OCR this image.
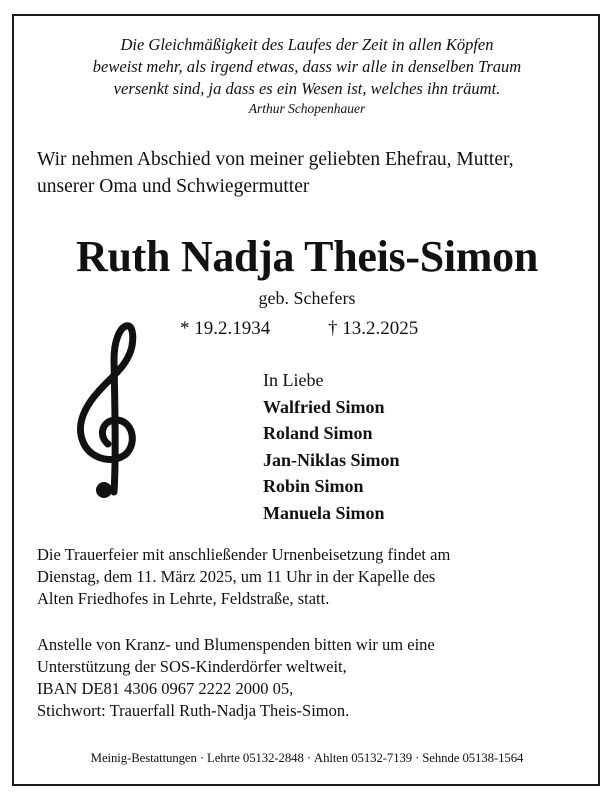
Die Gleichmäßigkeit des Laufes der Zeit in allen Köpfen
beweist mehr, als irgend etwas, dass wir alle in denselben Traum
versenkt sind, ja dass es ein Wesen ist, welches ihn träumt.
Arthur Schopenhauer
Wir nehmen Abschied von meiner geliebten Ehefrau, Mutter,
unserer Oma und Schwiegermutter
Ruth Nadja Theis-Simon
geb. Schefers
* 19.2.1934	† 13.2.2025
In Liebe
Walfried Simon
Roland Simon
Jan-Niklas Simon
Robin Simon
Manuela Simon
Die Trauerfeier mit anschließender Urnenbeisetzung findet am
Dienstag, dem 11. März 2025, um 11 Uhr in der Kapelle des
Alten Friedhofes in Lehrte, Feldstraße, statt.
Anstelle von Kranz- und Blumenspenden bitten wir um eine
Unterstützung der SOS-Kinderdörfer weltweit,
IBAN DE81 4306 0967 2222 2000 05,
Stichwort: Trauerfall Ruth-Nadja Theis-Simon.
Meinig-Bestattungen · Lehrte 05132-2848 · Ahlten 05132-7139 · Sehnde 05138-1564
